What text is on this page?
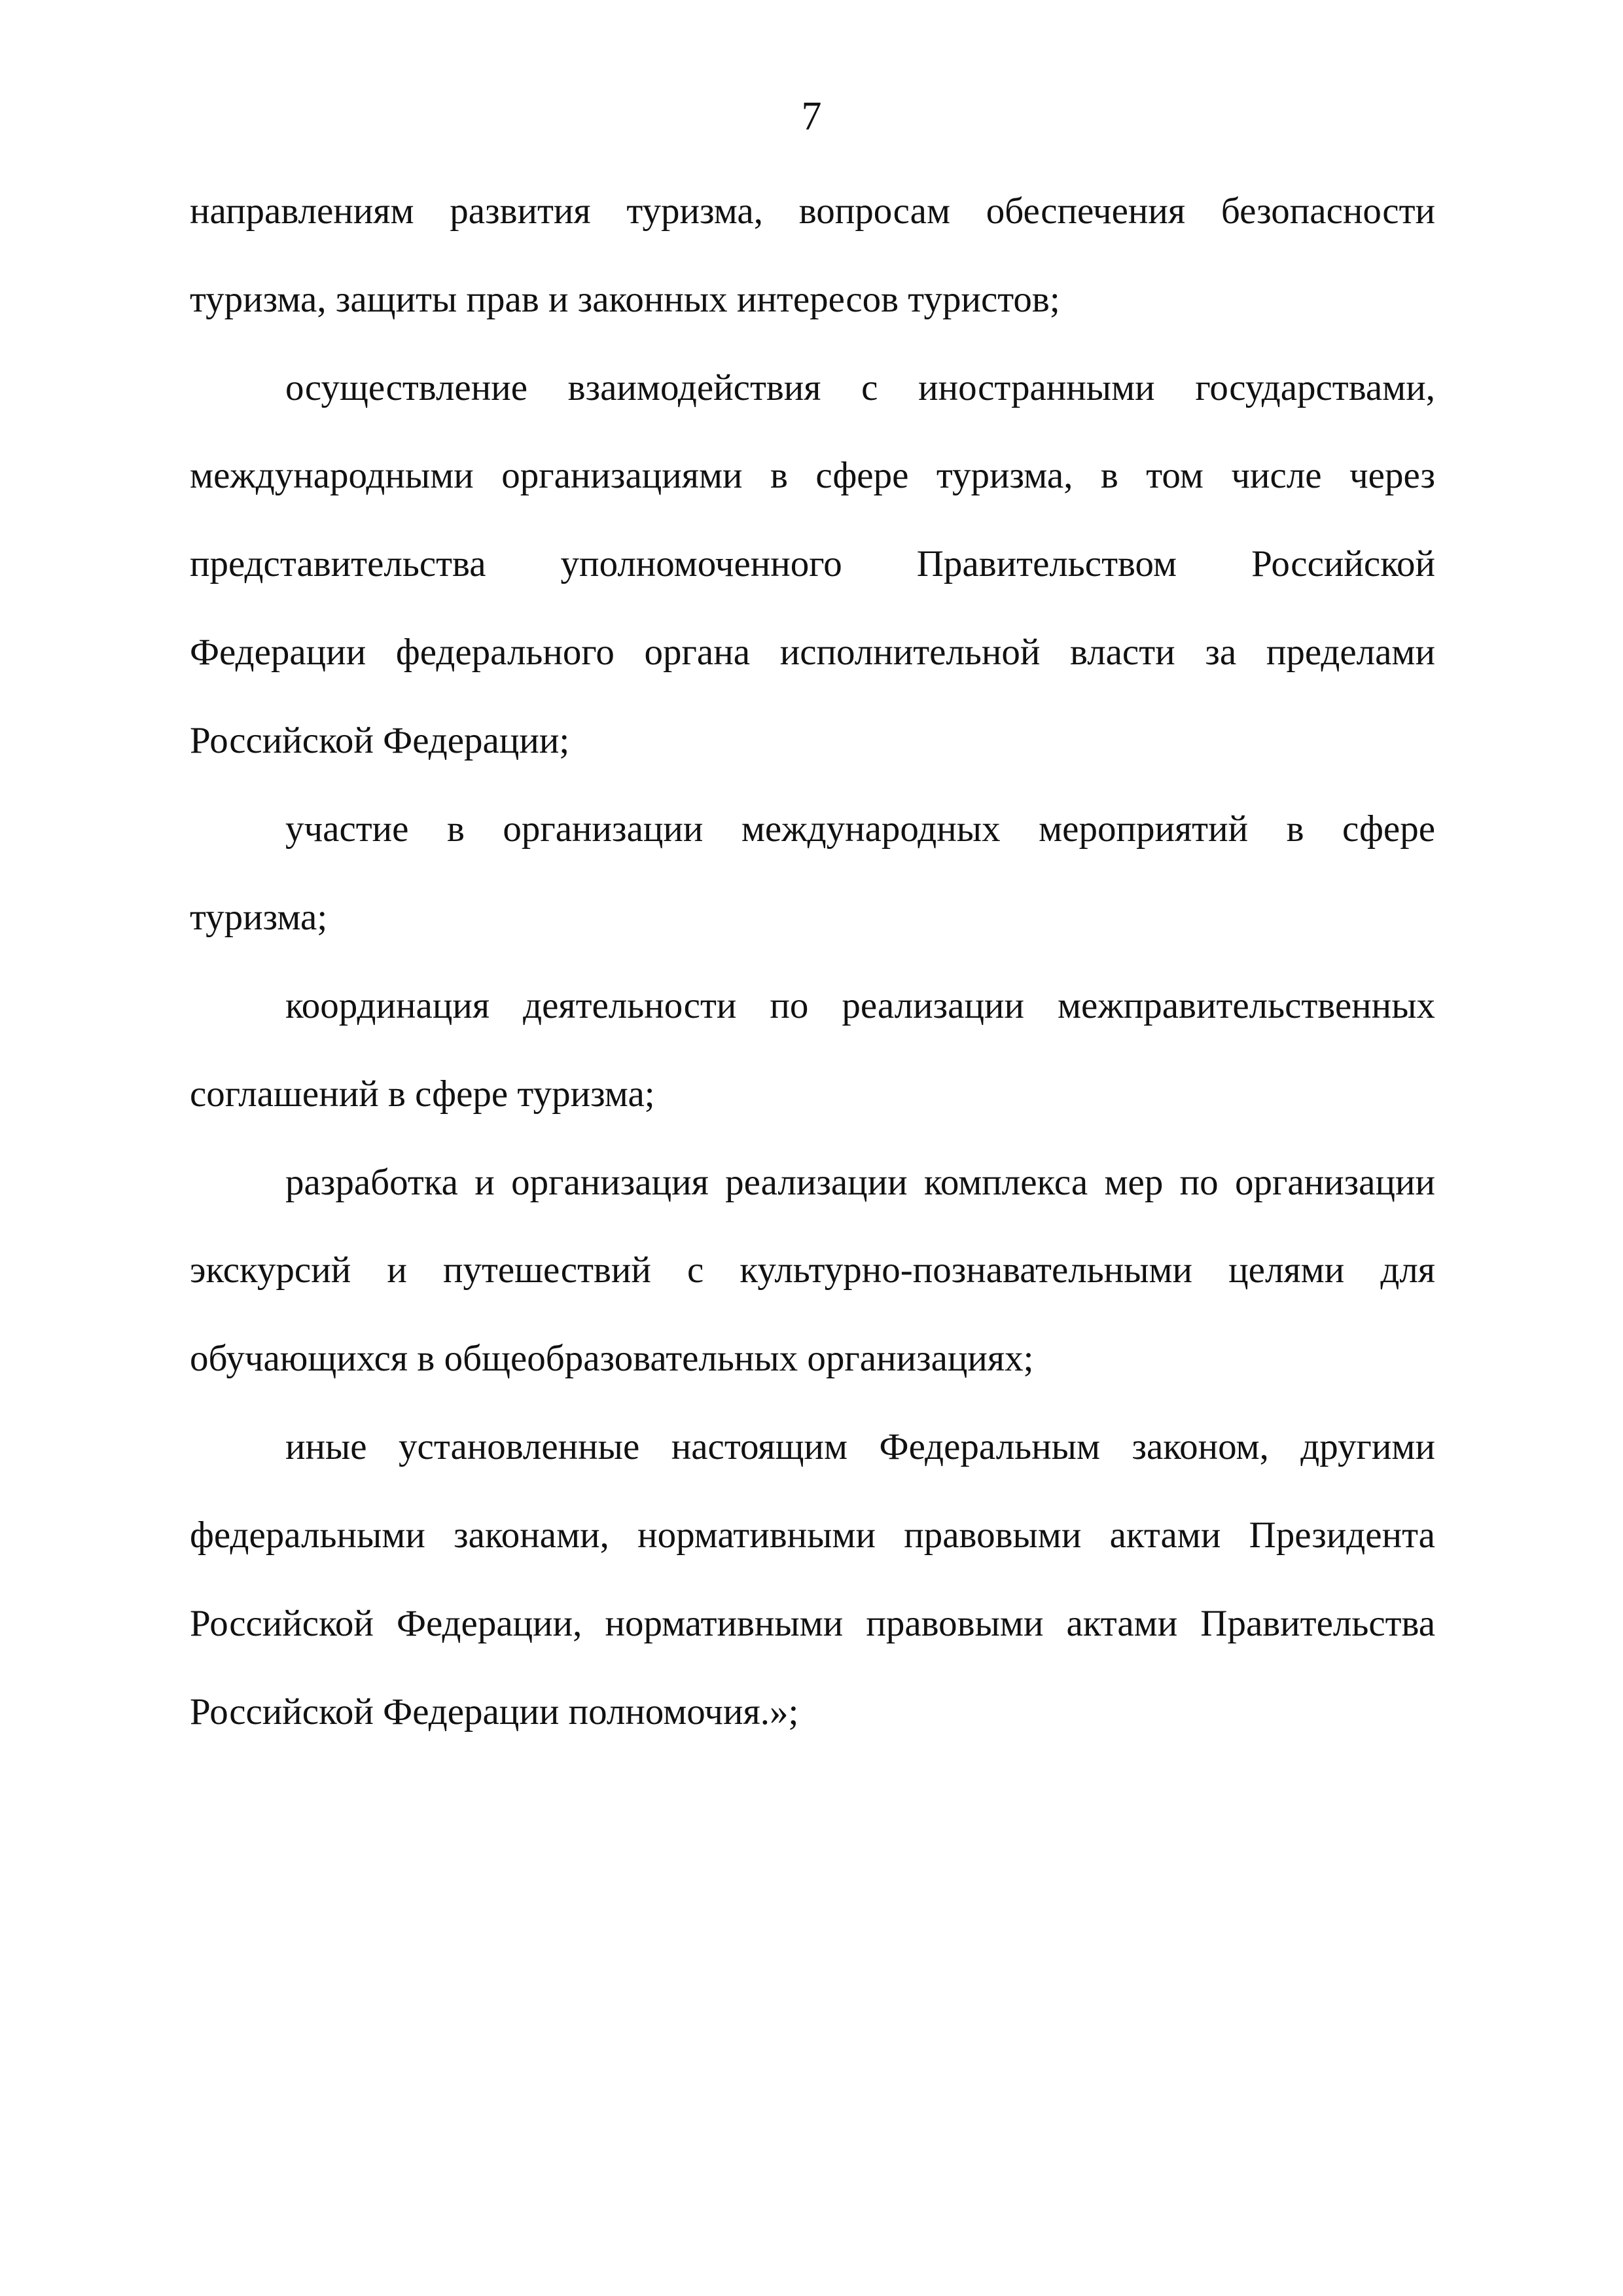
7
направлениям развития туризма, вопросам обеспечения безопасности
туризма, защиты прав и законных интересов туристов;
осуществление взаимодействия с иностранными государствами,
международными организациями в сфере туризма, в том числе через
представительства уполномоченного Правительством Российской
Федерации федерального органа исполнительной власти за пределами
Российской Федерации;
участие в организации международных мероприятий в сфере
туризма;
координация деятельности по реализации межправительственных
соглашений в сфере туризма;
разработка и организация реализации комплекса мер по организации
экскурсий и путешествий с культурно-познавательными целями для
обучающихся в общеобразовательных организациях;
иные установленные настоящим Федеральным законом, другими
федеральными законами, нормативными правовыми актами Президента
Российской Федерации, нормативными правовыми актами Правительства
Российской Федерации полномочия.»;
